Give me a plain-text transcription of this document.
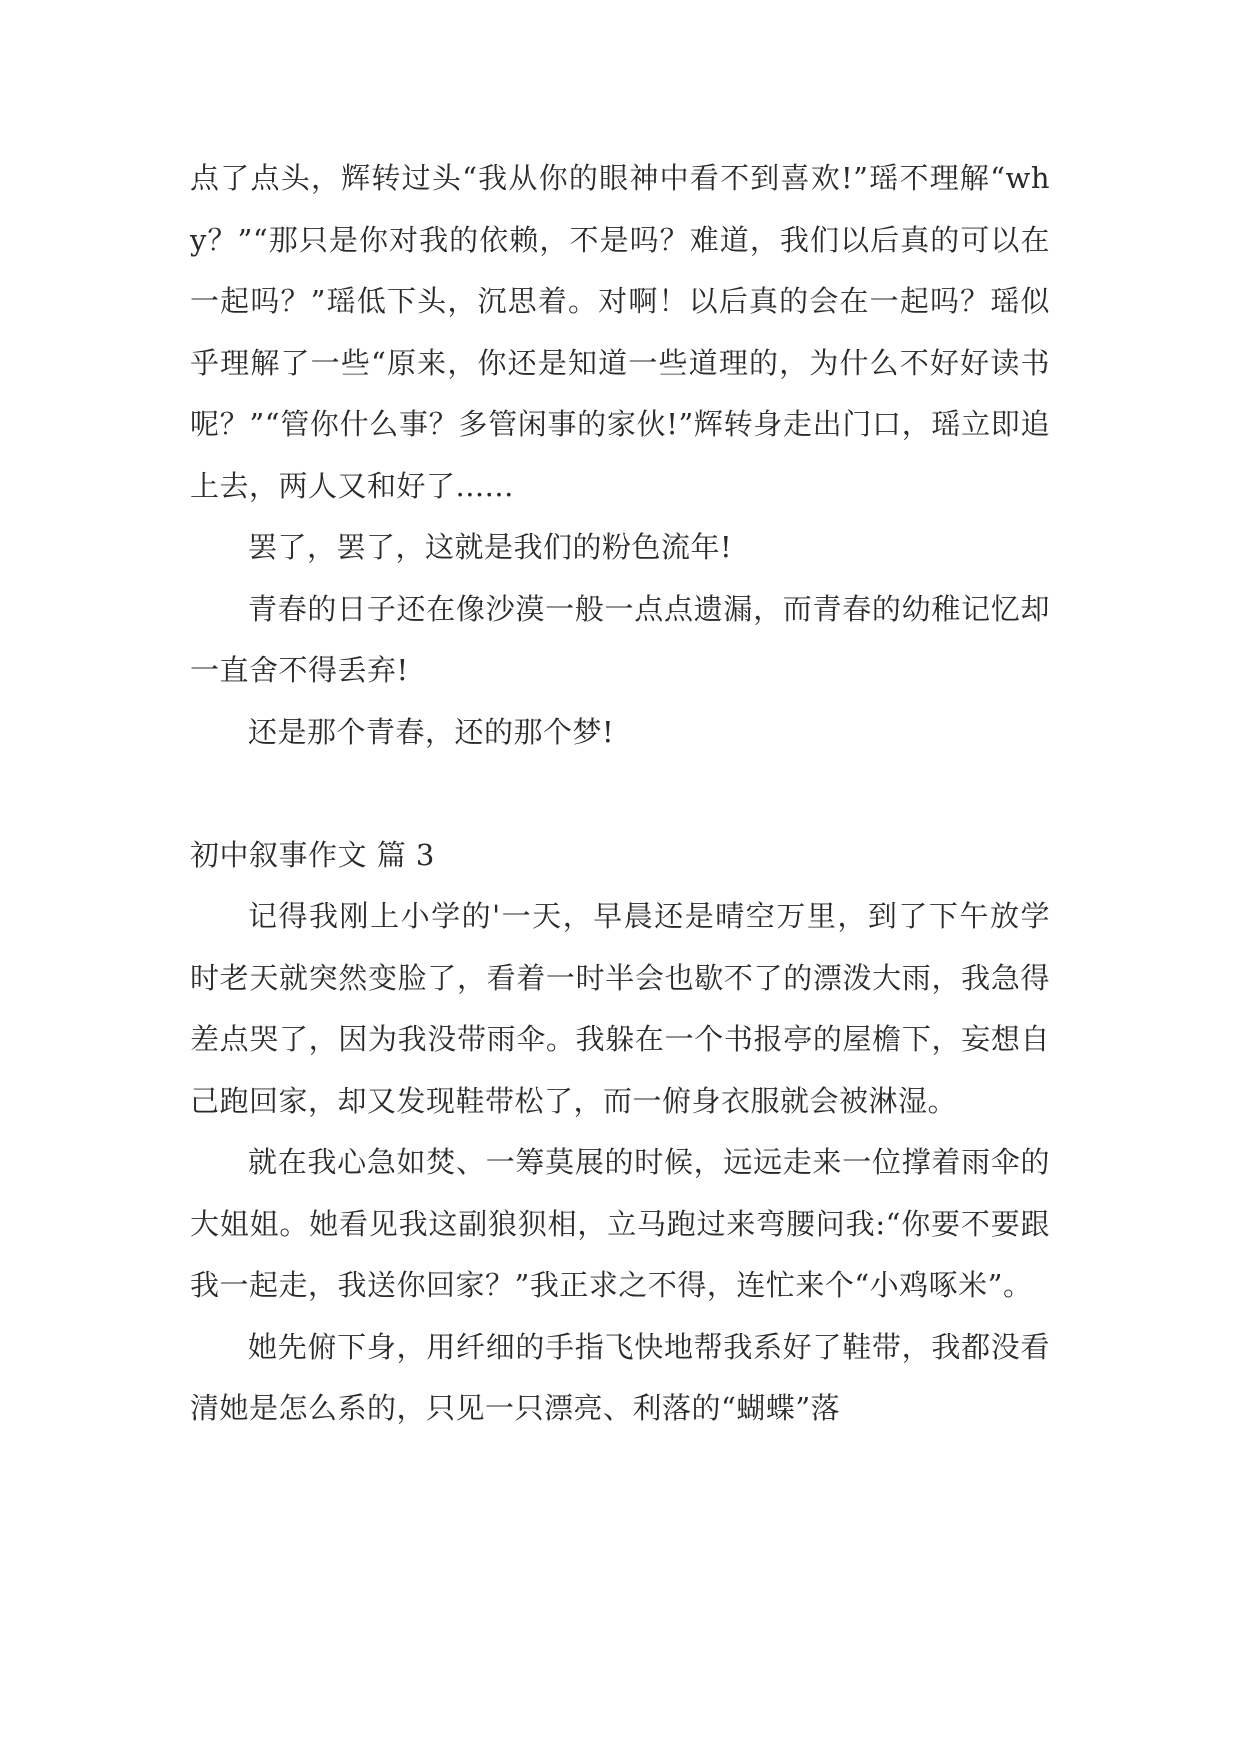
点了点头，辉转过头“我从你的眼神中看不到喜欢!”瑶不理解“why？”“那只是你对我的依赖，不是吗？难道，我们以后真的可以在一起吗？”瑶低下头，沉思着。对啊！以后真的会在一起吗？瑶似乎理解了一些“原来，你还是知道一些道理的，为什么不好好读书呢？”“管你什么事？多管闲事的家伙!”辉转身走出门口，瑶立即追上去，两人又和好了......

罢了，罢了，这就是我们的粉色流年!

青春的日子还在像沙漠一般一点点遗漏，而青春的幼稚记忆却一直舍不得丢弃!

还是那个青春，还的那个梦!

初中叙事作文 篇 3

记得我刚上小学的'一天，早晨还是晴空万里，到了下午放学时老天就突然变脸了，看着一时半会也歇不了的漂泼大雨，我急得差点哭了，因为我没带雨伞。我躲在一个书报亭的屋檐下，妄想自己跑回家，却又发现鞋带松了，而一俯身衣服就会被淋湿。

就在我心急如焚、一筹莫展的时候，远远走来一位撑着雨伞的大姐姐。她看见我这副狼狈相，立马跑过来弯腰问我:“你要不要跟我一起走，我送你回家？”我正求之不得，连忙来个“小鸡啄米”。

她先俯下身，用纤细的手指飞快地帮我系好了鞋带，我都没看清她是怎么系的，只见一只漂亮、利落的“蝴蝶”落
